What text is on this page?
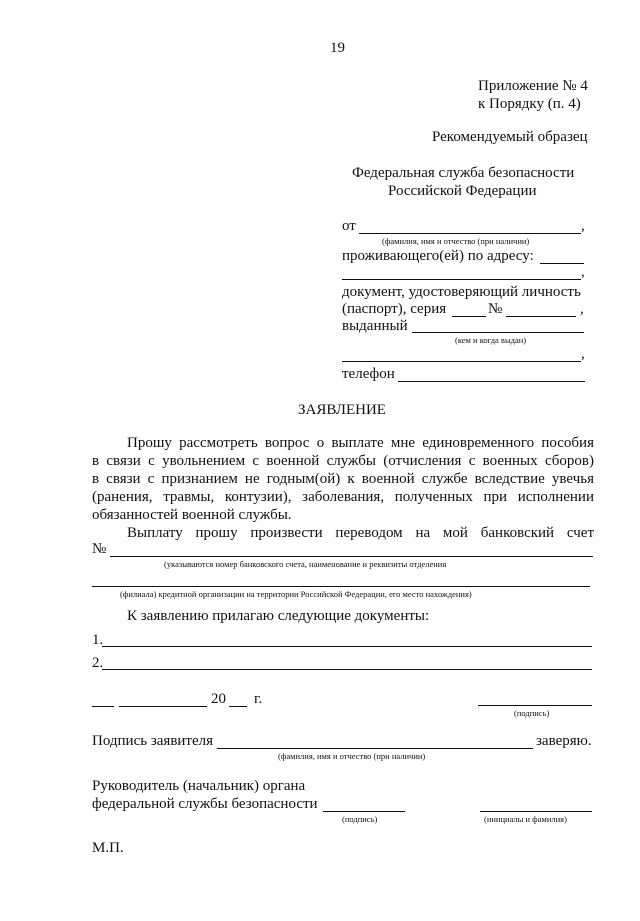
19
Приложение № 4
к Порядку (п. 4)
Рекомендуемый образец
Федеральная служба безопасности
Российской Федерации
от	,
(фамилия, имя и отчество (при наличии)
проживающего(ей) по адресу:
,
документ, удостоверяющий личность
(паспорт), серия	№	,
выданный
(кем и когда выдан)
,
телефон
ЗАЯВЛЕНИЕ
Прошу рассмотреть вопрос о выплате мне единовременного пособия
в связи с увольнением с военной службы (отчисления с военных сборов)
в связи с признанием не годным(ой) к военной службе вследствие увечья
(ранения, травмы, контузии), заболевания, полученных при исполнении
обязанностей военной службы.
Выплату прошу произвести переводом на мой банковский счет
№
(указываются номер банковского счета, наименование и реквизиты отделения
(филиала) кредитной организации на территории Российской Федерации, его место нахождения)
К заявлению прилагаю следующие документы:
1.
2.
20 г.
(подпись)
Подпись заявителя	заверяю.
(фамилия, имя и отчество (при наличии)
Руководитель (начальник) органа
федеральной службы безопасности
(подпись)	(инициалы и фамилия)
М.П.
